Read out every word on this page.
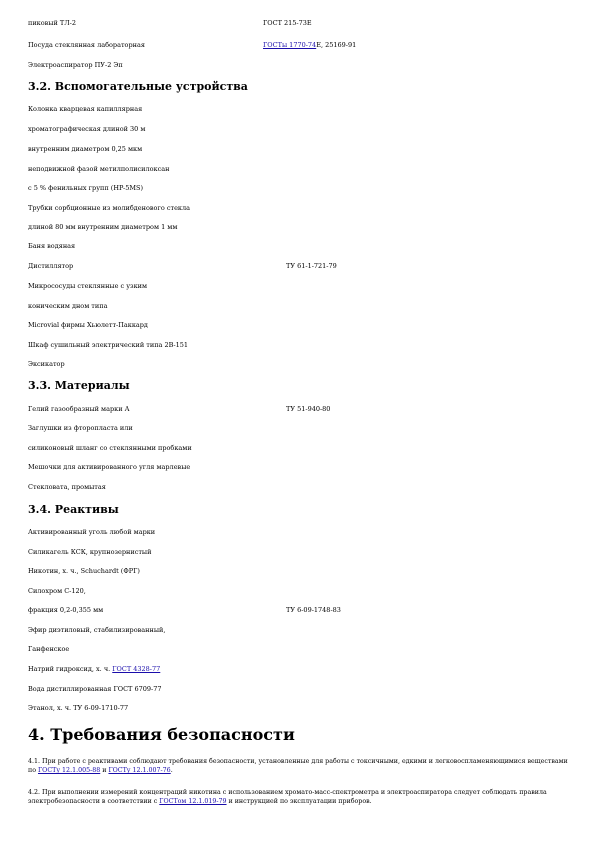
пиковый ТЛ-2	ГОСТ 215-73Е
Посуда стеклянная лабораторная	ГОСТы 1770-74Е, 25169-91
Электроаспиратор ПУ-2 Эп
3.2. Вспомогательные устройства
Колонка кварцевая капиллярная
хроматографическая длиной 30 м
внутренним диаметром 0,25 мкм
неподвижной фазой метилполисилоксан
с 5 % фенильных групп (HP-5MS)
Трубки сорбционные из молибденового стекла
длиной 80 мм внутренним диаметром 1 мм
Баня водяная
Дистиллятор	ТУ 61-1-721-79
Микрососуды стеклянные с узким
коническим дном типа
Microvial фирмы Хьюлетт-Паккард
Шкаф сушильный электрический типа 2В-151
Эксикатор
3.3. Материалы
Гелий газообразный марки А	ТУ 51-940-80
Заглушки из фторопласта или
силиконовый шланг со стеклянными пробками
Мешочки для активированного угля марлевые
Стекловата, промытая
3.4. Реактивы
Активированный уголь любой марки
Силикагель КСК, крупнозернистый
Никотин, х. ч., Schuchardt (ФРГ)
Силохром С-120,
фракция 0,2-0,355 мм	ТУ 6-09-1748-83
Эфир диэтиловый, стабилизированный,
Ганфенское
Натрий гидроксид, х. ч. ГОСТ 4328-77
Вода дистиллированная ГОСТ 6709-77
Этанол, х. ч. ТУ 6-09-1710-77
4. Требования безопасности
4.1. При работе с реактивами соблюдают требования безопасности, установленные для работы с токсичными, едкими и легковоспламеняющимися веществами по ГОСТу 12.1.005-88 и ГОСТу 12.1.007-76.
4.2. При выполнении измерений концентраций никотина с использованием хромато-масс-спектрометра и электроаспиратора следует соблюдать правила электробезопасности в соответствии с ГОСТом 12.1.019-79 и инструкцией по эксплуатации приборов.
